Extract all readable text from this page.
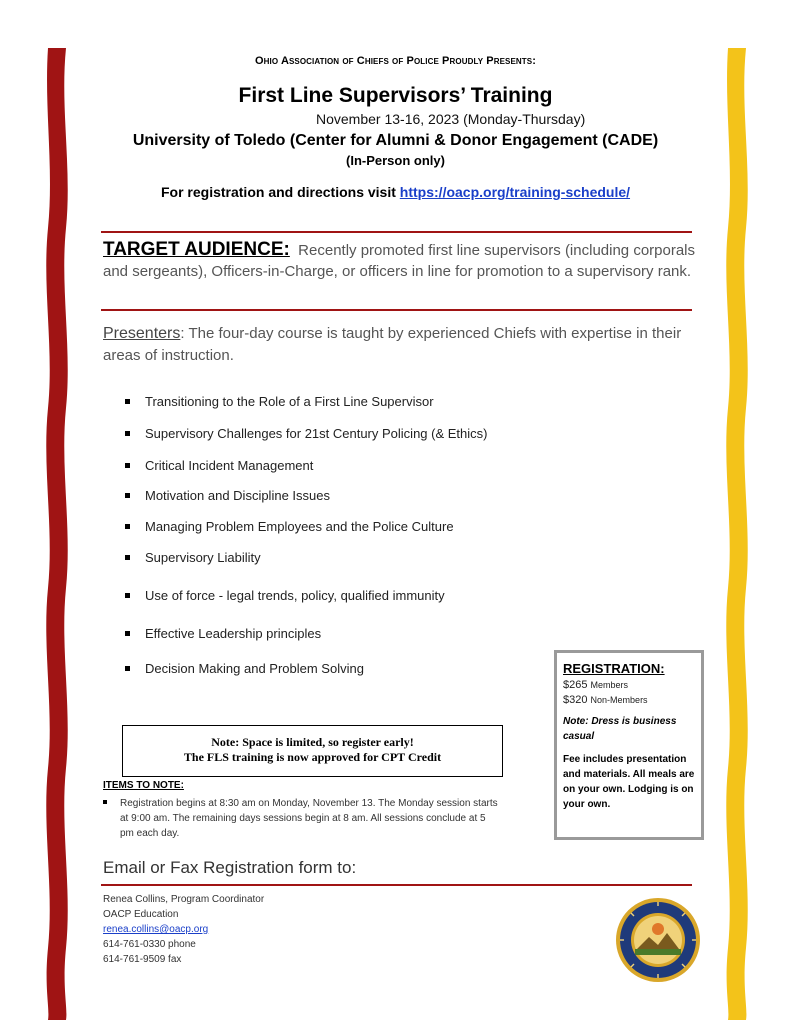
Ohio Association of Chiefs of Police Proudly Presents:
First Line Supervisors’ Training
November 13-16, 2023 (Monday-Thursday)
University of Toledo (Center for Alumni & Donor Engagement (CADE)
(In-Person only)
For registration and directions visit https://oacp.org/training-schedule/
TARGET AUDIENCE: Recently promoted first line supervisors (including corporals and sergeants), Officers-in-Charge, or officers in line for promotion to a supervisory rank.
Presenters: The four-day course is taught by experienced Chiefs with expertise in their areas of instruction.
Transitioning to the Role of a First Line Supervisor
Supervisory Challenges for 21st Century Policing (& Ethics)
Critical Incident Management
Motivation and Discipline Issues
Managing Problem Employees and the Police Culture
Supervisory Liability
Use of force - legal trends, policy, qualified immunity
Effective Leadership principles
Decision Making and Problem Solving	REGISTRATION:
$265 Members
$320 Non-Members
Note: Dress is business casual
Fee includes presentation and materials. All meals are on your own. Lodging is on your own.
Note: Space is limited, so register early!
The FLS training is now approved for CPT Credit
ITEMS TO NOTE:
Registration begins at 8:30 am on Monday, November 13. The Monday session starts at 9:00 am. The remaining days sessions begin at 8 am. All sessions conclude at 5 pm each day.
Email or Fax Registration form to:
Renea Collins, Program Coordinator
OACP Education
renea.collins@oacp.org
614-761-0330 phone
614-761-9509 fax
